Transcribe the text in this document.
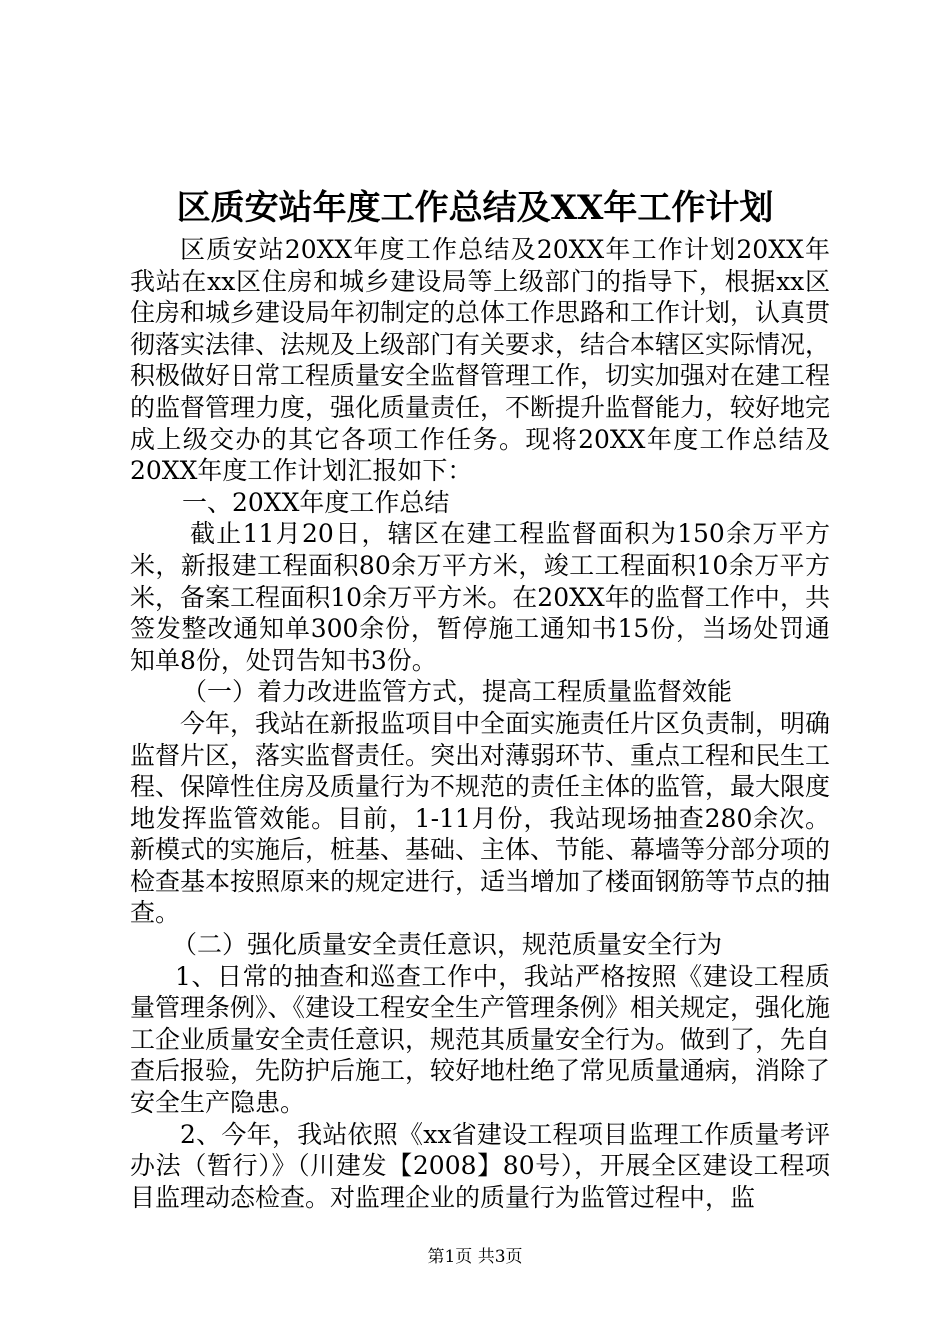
区质安站年度工作总结及XX年工作计划

区质安站20XX年度工作总结及20XX年工作计划20XX年我站在xx区住房和城乡建设局等上级部门的指导下，根据xx区住房和城乡建设局年初制定的总体工作思路和工作计划，认真贯彻落实法律、法规及上级部门有关要求，结合本辖区实际情况，积极做好日常工程质量安全监督管理工作，切实加强对在建工程的监督管理力度，强化质量责任，不断提升监督能力，较好地完成上级交办的其它各项工作任务。现将20XX年度工作总结及20XX年度工作计划汇报如下：

一、20XX年度工作总结

截止11月20日，辖区在建工程监督面积为150余万平方米，新报建工程面积80余万平方米，竣工工程面积10余万平方米，备案工程面积10余万平方米。在20XX年的监督工作中，共签发整改通知单300余份，暂停施工通知书15份，当场处罚通知单8份，处罚告知书3份。

（一）着力改进监管方式，提高工程质量监督效能

今年，我站在新报监项目中全面实施责任片区负责制，明确监督片区，落实监督责任。突出对薄弱环节、重点工程和民生工程、保障性住房及质量行为不规范的责任主体的监管，最大限度地发挥监管效能。目前，1-11月份，我站现场抽查280余次。新模式的实施后，桩基、基础、主体、节能、幕墙等分部分项的检查基本按照原来的规定进行，适当增加了楼面钢筋等节点的抽查。

（二）强化质量安全责任意识，规范质量安全行为

1、日常的抽查和巡查工作中，我站严格按照《建设工程质量管理条例》、《建设工程安全生产管理条例》相关规定，强化施工企业质量安全责任意识，规范其质量安全行为。做到了，先自查后报验，先防护后施工，较好地杜绝了常见质量通病，消除了安全生产隐患。

2、今年，我站依照《xx省建设工程项目监理工作质量考评办法（暂行）》（川建发【2008】80号），开展全区建设工程项目监理动态检查。对监理企业的质量行为监管过程中，监

第1页 共3页
